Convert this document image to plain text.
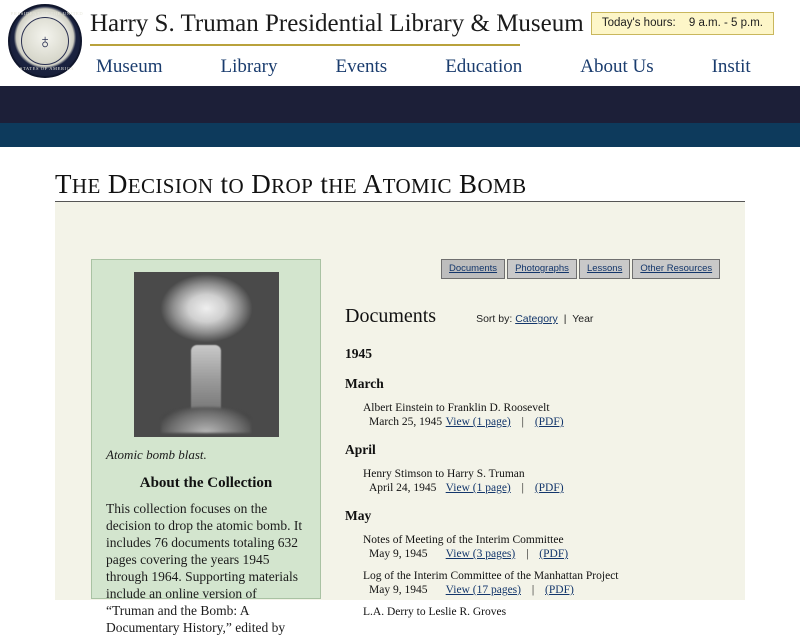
PRESIDENT OF THE UNITED
♁
STATES OF AMERICA
Harry S. Truman Presidential Library & Museum	Today's hours: 9 a.m. - 5 p.m.
Museum	Library	Events	Education	About Us	Instit
THE DECISION tO DROP tHE ATOMIC BOMB
Atomic bomb blast.
About the Collection
This collection focuses on the decision to drop the atomic bomb. It includes 76 documents totaling 632 pages covering the years 1945 through 1964. Supporting materials include an online version of “Truman and the Bomb: A Documentary History,” edited by
Documents	Photographs	Lessons	Other Resources
Documents	Sort by: Category | Year
1945
March
Albert Einstein to Franklin D. Roosevelt
March 25, 1945 View (1 page) | (PDF)
April
Henry Stimson to Harry S. Truman
April 24, 1945 View (1 page) | (PDF)
May
Notes of Meeting of the Interim Committee
May 9, 1945 View (3 pages) | (PDF)
Log of the Interim Committee of the Manhattan Project
May 9, 1945 View (17 pages) | (PDF)
L.A. Derry to Leslie R. Groves
